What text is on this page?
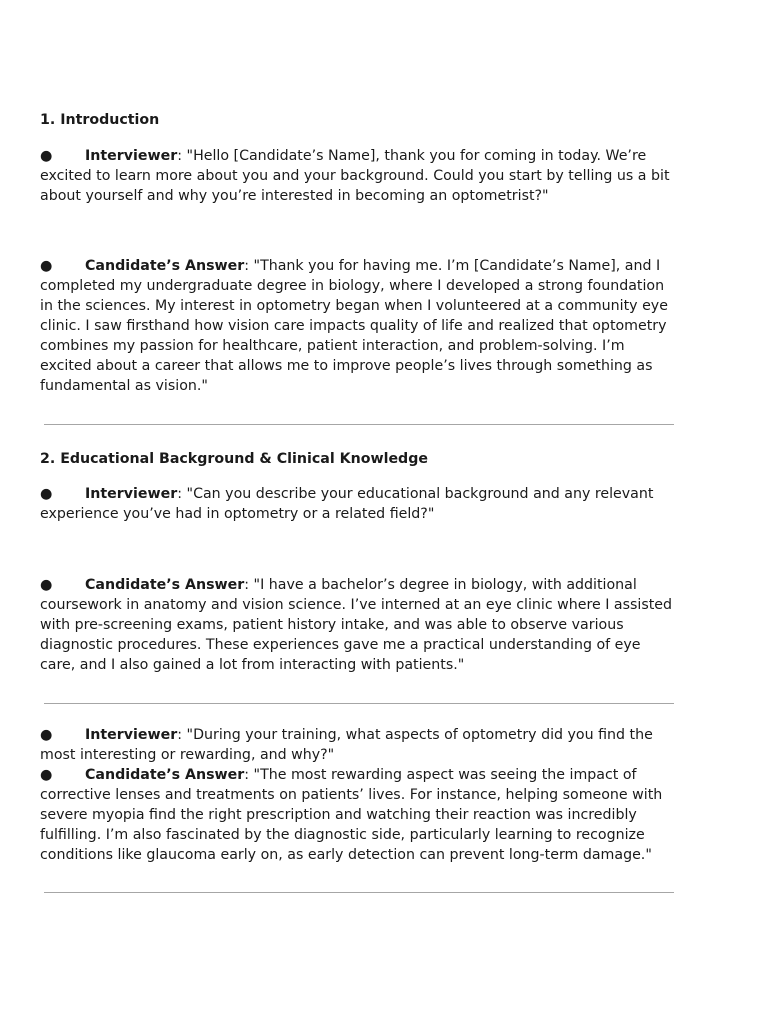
1. Introduction
● Interviewer: "Hello [Candidate’s Name], thank you for coming in today. We’re excited to learn more about you and your background. Could you start by telling us a bit about yourself and why you’re interested in becoming an optometrist?"
● Candidate’s Answer: "Thank you for having me. I’m [Candidate’s Name], and I completed my undergraduate degree in biology, where I developed a strong foundation in the sciences. My interest in optometry began when I volunteered at a community eye clinic. I saw firsthand how vision care impacts quality of life and realized that optometry combines my passion for healthcare, patient interaction, and problem-solving. I’m excited about a career that allows me to improve people’s lives through something as fundamental as vision."
2. Educational Background & Clinical Knowledge
● Interviewer: "Can you describe your educational background and any relevant experience you’ve had in optometry or a related field?"
● Candidate’s Answer: "I have a bachelor’s degree in biology, with additional coursework in anatomy and vision science. I’ve interned at an eye clinic where I assisted with pre-screening exams, patient history intake, and was able to observe various diagnostic procedures. These experiences gave me a practical understanding of eye care, and I also gained a lot from interacting with patients."
● Interviewer: "During your training, what aspects of optometry did you find the most interesting or rewarding, and why?"
● Candidate’s Answer: "The most rewarding aspect was seeing the impact of corrective lenses and treatments on patients’ lives. For instance, helping someone with severe myopia find the right prescription and watching their reaction was incredibly fulfilling. I’m also fascinated by the diagnostic side, particularly learning to recognize conditions like glaucoma early on, as early detection can prevent long-term damage."
